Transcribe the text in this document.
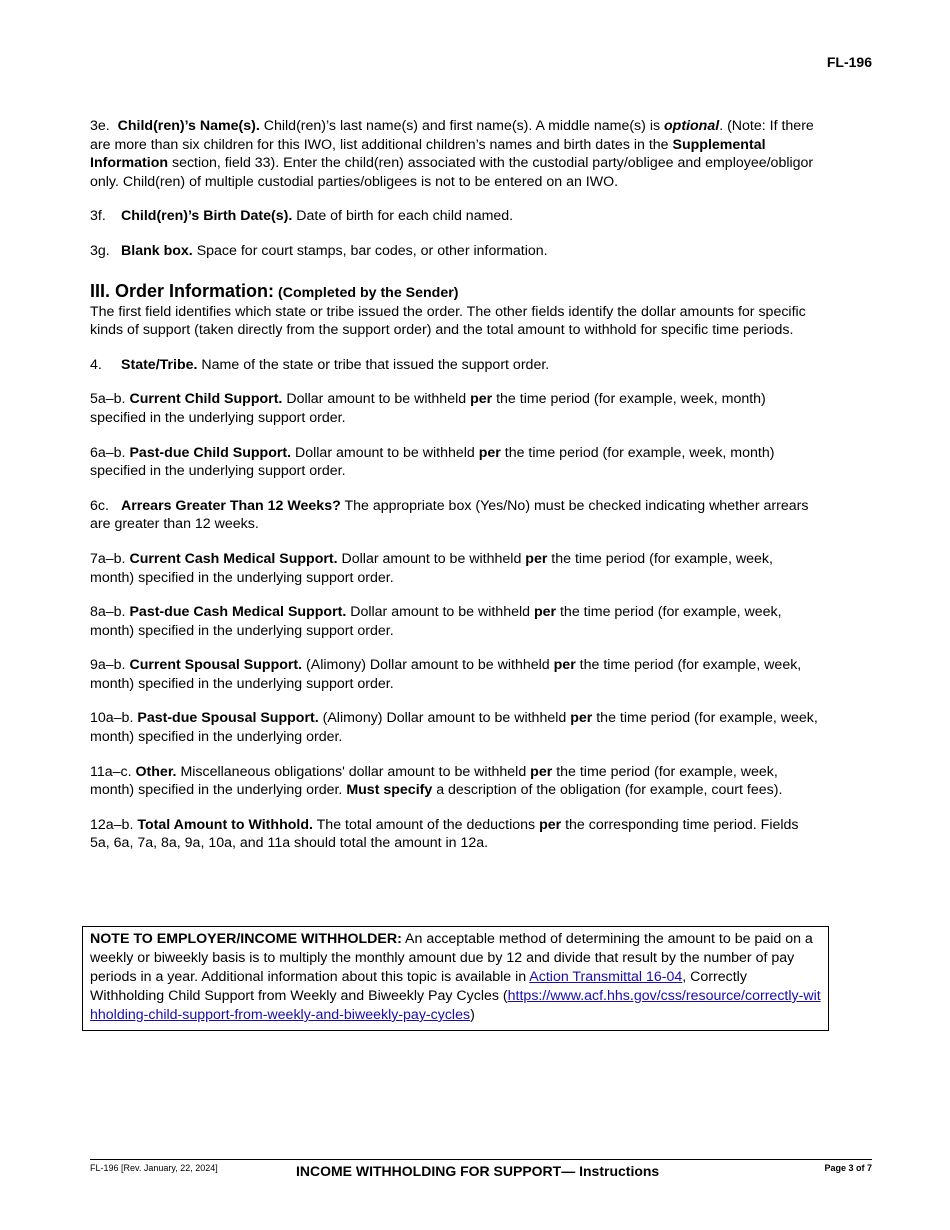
FL-196

3e. Child(ren)’s Name(s). Child(ren)’s last name(s) and first name(s). A middle name(s) is optional. (Note: If there are more than six children for this IWO, list additional children’s names and birth dates in the Supplemental Information section, field 33). Enter the child(ren) associated with the custodial party/obligee and employee/obligor only. Child(ren) of multiple custodial parties/obligees is not to be entered on an IWO.

3f. Child(ren)’s Birth Date(s). Date of birth for each child named.

3g. Blank box. Space for court stamps, bar codes, or other information.

III. Order Information: (Completed by the Sender)

The first field identifies which state or tribe issued the order. The other fields identify the dollar amounts for specific kinds of support (taken directly from the support order) and the total amount to withhold for specific time periods.

4. State/Tribe. Name of the state or tribe that issued the support order.

5a–b. Current Child Support. Dollar amount to be withheld per the time period (for example, week, month) specified in the underlying support order.

6a–b. Past-due Child Support. Dollar amount to be withheld per the time period (for example, week, month) specified in the underlying support order.

6c. Arrears Greater Than 12 Weeks? The appropriate box (Yes/No) must be checked indicating whether arrears are greater than 12 weeks.

7a–b. Current Cash Medical Support. Dollar amount to be withheld per the time period (for example, week, month) specified in the underlying support order.

8a–b. Past-due Cash Medical Support. Dollar amount to be withheld per the time period (for example, week, month) specified in the underlying support order.

9a–b. Current Spousal Support. (Alimony) Dollar amount to be withheld per the time period (for example, week, month) specified in the underlying support order.

10a–b. Past-due Spousal Support. (Alimony) Dollar amount to be withheld per the time period (for example, week, month) specified in the underlying order.

11a–c. Other. Miscellaneous obligations' dollar amount to be withheld per the time period (for example, week, month) specified in the underlying order. Must specify a description of the obligation (for example, court fees).

12a–b. Total Amount to Withhold. The total amount of the deductions per the corresponding time period. Fields 5a, 6a, 7a, 8a, 9a, 10a, and 11a should total the amount in 12a.

NOTE TO EMPLOYER/INCOME WITHHOLDER: An acceptable method of determining the amount to be paid on a weekly or biweekly basis is to multiply the monthly amount due by 12 and divide that result by the number of pay periods in a year. Additional information about this topic is available in Action Transmittal 16-04, Correctly Withholding Child Support from Weekly and Biweekly Pay Cycles (https://www.acf.hhs.gov/css/resource/correctly-withholding-child-support-from-weekly-and-biweekly-pay-cycles)
FL-196 [Rev. January, 22, 2024]	INCOME WITHHOLDING FOR SUPPORT— Instructions	Page 3 of 7
